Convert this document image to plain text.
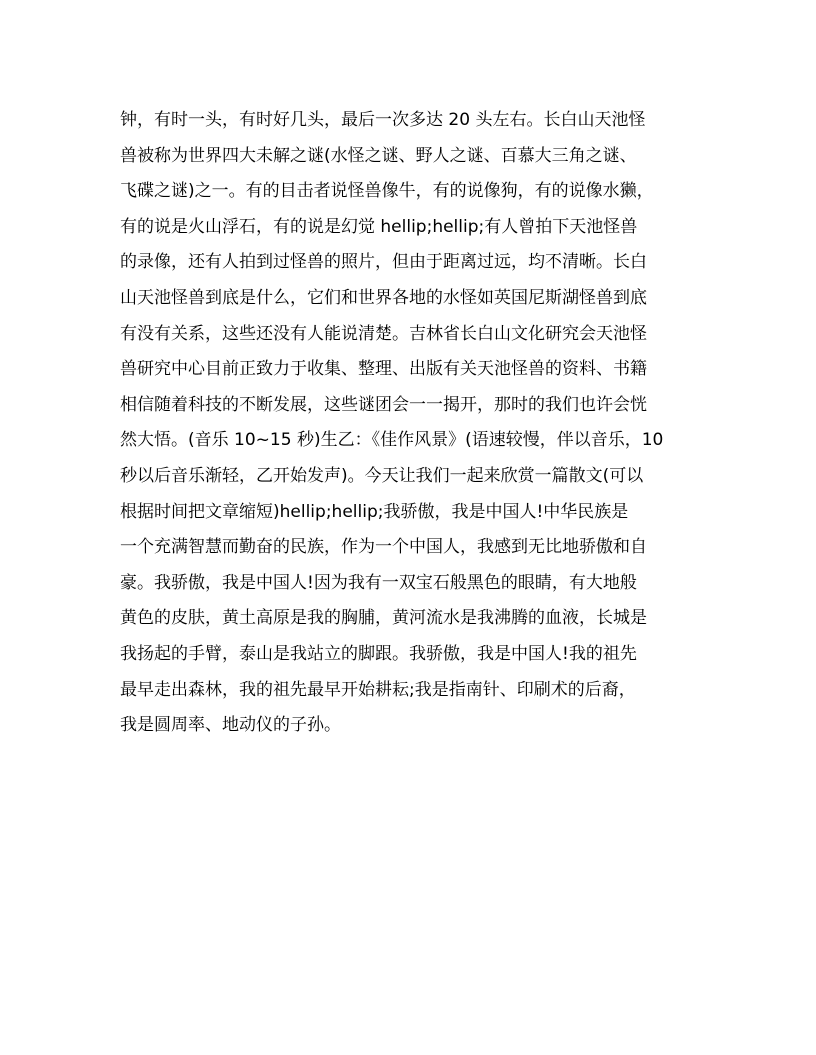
钟，有时一头，有时好几头，最后一次多达 20 头左右。长白山天池怪
兽被称为世界四大未解之谜(水怪之谜、野人之谜、百慕大三角之谜、
飞碟之谜)之一。有的目击者说怪兽像牛，有的说像狗，有的说像水獭，
有的说是火山浮石，有的说是幻觉 hellip;hellip;有人曾拍下天池怪兽
的录像，还有人拍到过怪兽的照片，但由于距离过远，均不清晰。长白
山天池怪兽到底是什么，它们和世界各地的水怪如英国尼斯湖怪兽到底
有没有关系，这些还没有人能说清楚。吉林省长白山文化研究会天池怪
兽研究中心目前正致力于收集、整理、出版有关天池怪兽的资料、书籍
相信随着科技的不断发展，这些谜团会一一揭开，那时的我们也许会恍
然大悟。(音乐 10~15 秒)生乙：《佳作风景》(语速较慢，伴以音乐，10
秒以后音乐渐轻，乙开始发声)。今天让我们一起来欣赏一篇散文(可以
根据时间把文章缩短)hellip;hellip;我骄傲，我是中国人!中华民族是
一个充满智慧而勤奋的民族，作为一个中国人，我感到无比地骄傲和自
豪。我骄傲，我是中国人!因为我有一双宝石般黑色的眼睛，有大地般
黄色的皮肤，黄土高原是我的胸脯，黄河流水是我沸腾的血液，长城是
我扬起的手臂，泰山是我站立的脚跟。我骄傲，我是中国人!我的祖先
最早走出森林，我的祖先最早开始耕耘;我是指南针、印刷术的后裔，
我是圆周率、地动仪的子孙。
